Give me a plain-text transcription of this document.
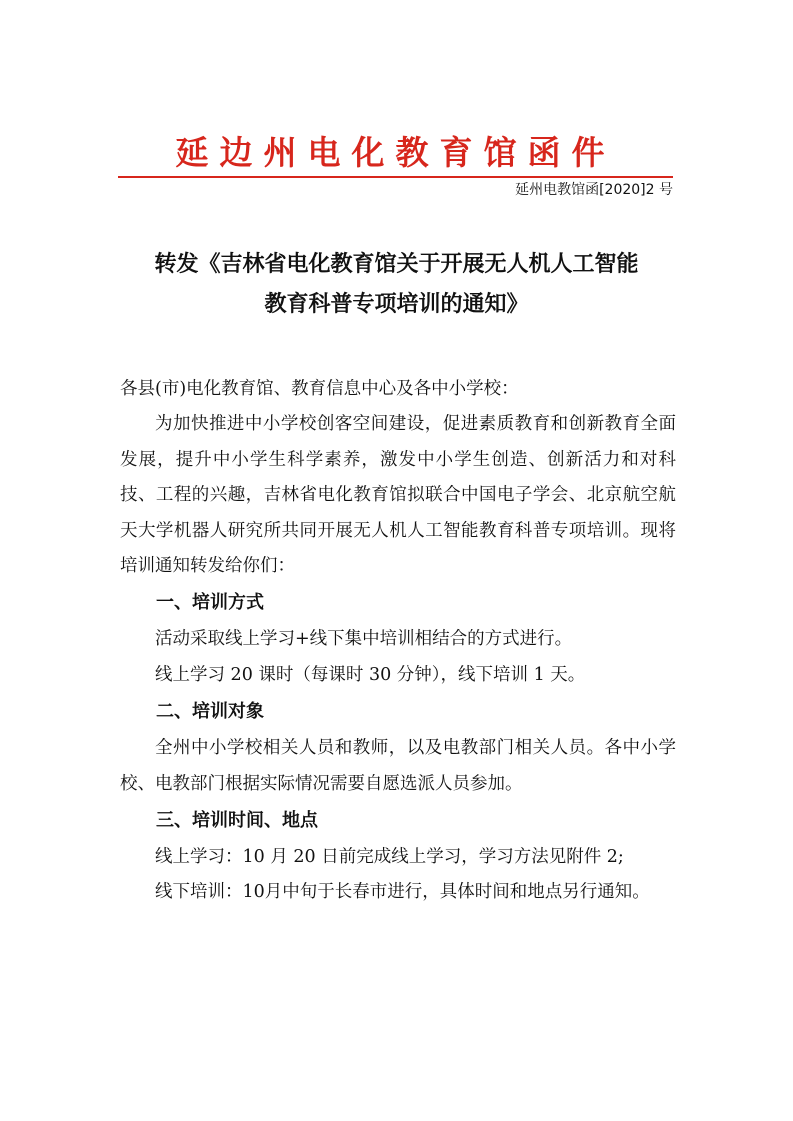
延边州电化教育馆函件
延州电教馆函[2020]2 号
转发《吉林省电化教育馆关于开展无人机人工智能
教育科普专项培训的通知》

各县(市)电化教育馆、教育信息中心及各中小学校：

为加快推进中小学校创客空间建设，促进素质教育和创新教育全面发展，提升中小学生科学素养，激发中小学生创造、创新活力和对科技、工程的兴趣，吉林省电化教育馆拟联合中国电子学会、北京航空航天大学机器人研究所共同开展无人机人工智能教育科普专项培训。现将培训通知转发给你们：

一、培训方式

活动采取线上学习+线下集中培训相结合的方式进行。

线上学习 20 课时（每课时 30 分钟），线下培训 1 天。

二、培训对象

全州中小学校相关人员和教师，以及电教部门相关人员。各中小学校、电教部门根据实际情况需要自愿选派人员参加。

三、培训时间、地点

线上学习：10 月 20 日前完成线上学习，学习方法见附件 2;

线下培训：10月中旬于长春市进行，具体时间和地点另行通知。
